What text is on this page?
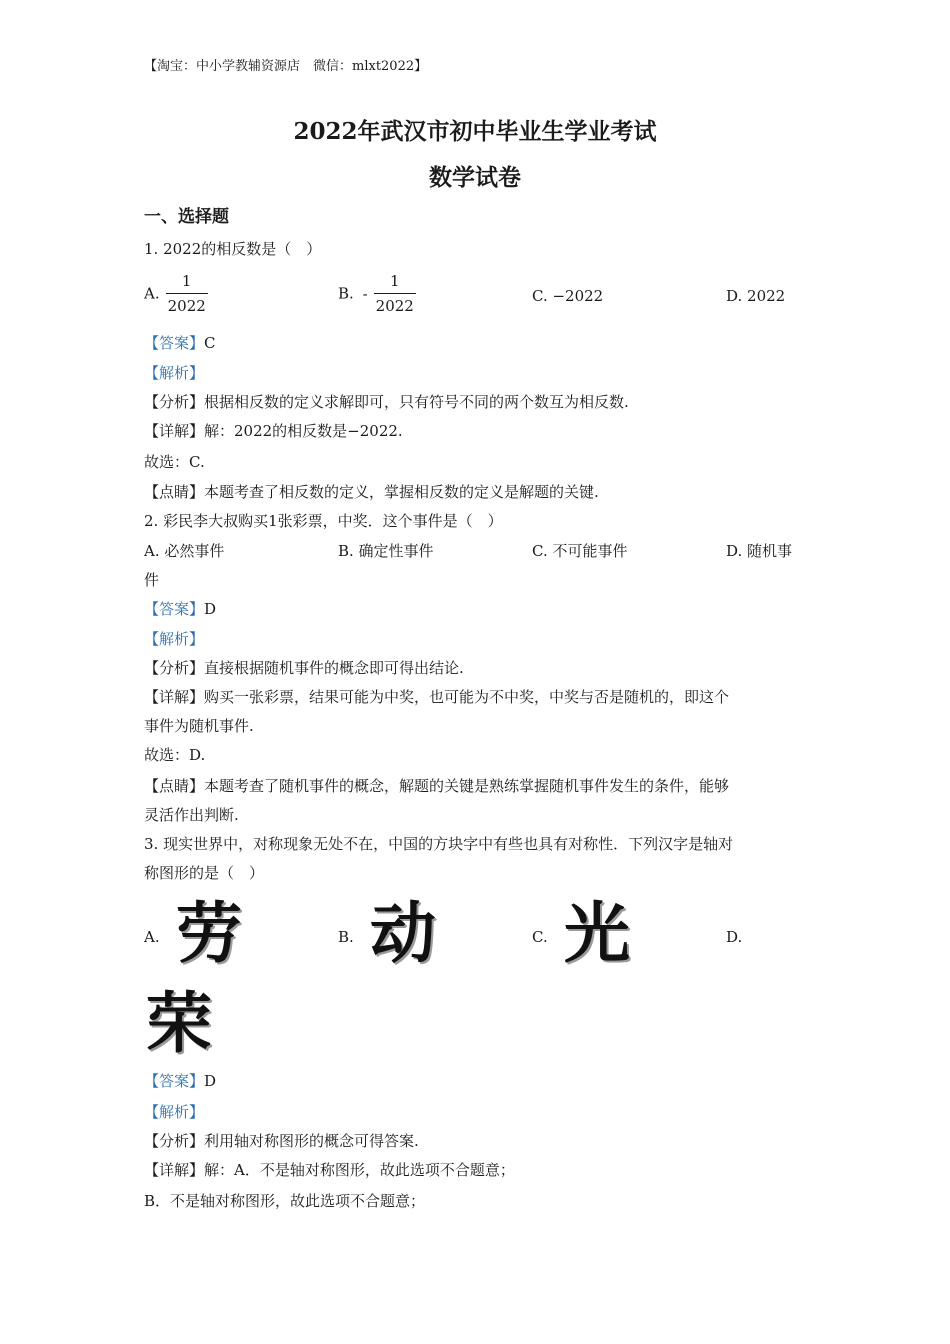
【淘宝：中小学教辅资源店　微信：mlxt2022】
2022年武汉市初中毕业生学业考试
数学试卷
一、选择题
1. 2022的相反数是（　）
A. $\frac{1}{2022}$	B. - $\frac{1}{2022}$	C. −2022	D. 2022
【答案】C
【解析】
【分析】根据相反数的定义求解即可，只有符号不同的两个数互为相反数.
【详解】解：2022的相反数是−2022.
故选：C.
【点睛】本题考查了相反数的定义，掌握相反数的定义是解题的关键.
2. 彩民李大叔购买1张彩票，中奖．这个事件是（　）
A. 必然事件	B. 确定性事件	C. 不可能事件	D. 随机事
件
【答案】D
【解析】
【分析】直接根据随机事件的概念即可得出结论.
【详解】购买一张彩票，结果可能为中奖，也可能为不中奖，中奖与否是随机的，即这个
事件为随机事件.
故选：D.
【点睛】本题考查了随机事件的概念，解题的关键是熟练掌握随机事件发生的条件，能够
灵活作出判断.
3. 现实世界中，对称现象无处不在，中国的方块字中有些也具有对称性．下列汉字是轴对
称图形的是（　）
A. 劳	B. 动	C. 光	D.
荣
【答案】D
【解析】
【分析】利用轴对称图形的概念可得答案.
【详解】解：A．不是轴对称图形，故此选项不合题意；
B．不是轴对称图形，故此选项不合题意；
